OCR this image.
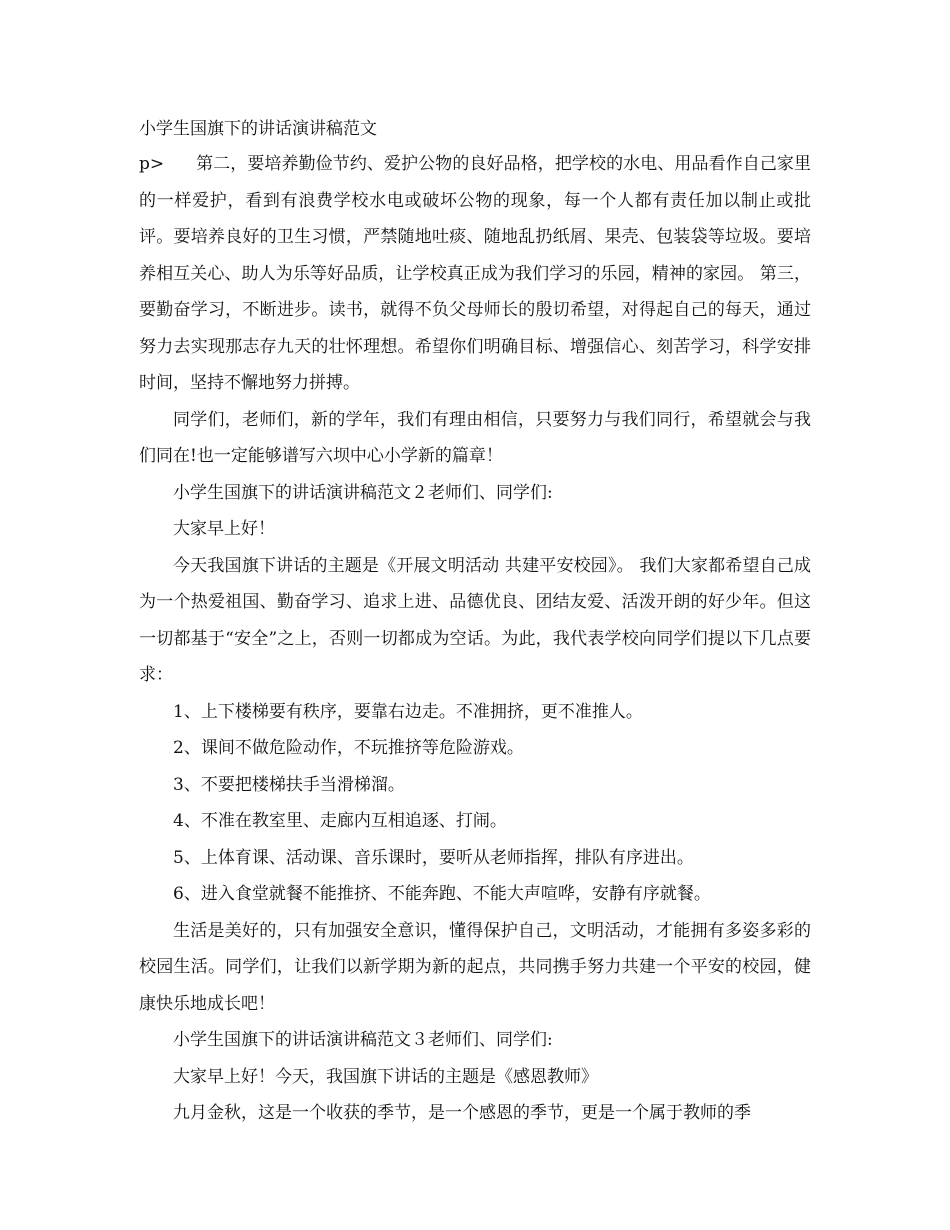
小学生国旗下的讲话演讲稿范文

p> 第二，要培养勤俭节约、爱护公物的良好品格，把学校的水电、用品看作自己家里的一样爱护，看到有浪费学校水电或破坏公物的现象，每一个人都有责任加以制止或批评。要培养良好的卫生习惯，严禁随地吐痰、随地乱扔纸屑、果壳、包装袋等垃圾。要培养相互关心、助人为乐等好品质，让学校真正成为我们学习的乐园，精神的家园。 第三，要勤奋学习，不断进步。读书，就得不负父母师长的殷切希望，对得起自己的每天，通过努力去实现那志存九天的壮怀理想。希望你们明确目标、增强信心、刻苦学习，科学安排时间，坚持不懈地努力拼搏。

同学们，老师们，新的学年，我们有理由相信，只要努力与我们同行，希望就会与我们同在!也一定能够谱写六坝中心小学新的篇章！

小学生国旗下的讲话演讲稿范文２老师们、同学们:

大家早上好！

今天我国旗下讲话的主题是《开展文明活动 共建平安校园》。 我们大家都希望自己成为一个热爱祖国、勤奋学习、追求上进、品德优良、团结友爱、活泼开朗的好少年。但这一切都基于“安全”之上，否则一切都成为空话。为此，我代表学校向同学们提以下几点要求：

1、上下楼梯要有秩序，要靠右边走。不准拥挤，更不准推人。

2、课间不做危险动作，不玩推挤等危险游戏。

3、不要把楼梯扶手当滑梯溜。

4、不准在教室里、走廊内互相追逐、打闹。

5、上体育课、活动课、音乐课时，要听从老师指挥，排队有序进出。

6、进入食堂就餐不能推挤、不能奔跑、不能大声喧哗，安静有序就餐。

生活是美好的，只有加强安全意识，懂得保护自己，文明活动，才能拥有多姿多彩的校园生活。同学们，让我们以新学期为新的起点，共同携手努力共建一个平安的校园，健康快乐地成长吧！

小学生国旗下的讲话演讲稿范文３老师们、同学们:

大家早上好！今天，我国旗下讲话的主题是《感恩教师》

九月金秋，这是一个收获的季节，是一个感恩的季节，更是一个属于教师的季
